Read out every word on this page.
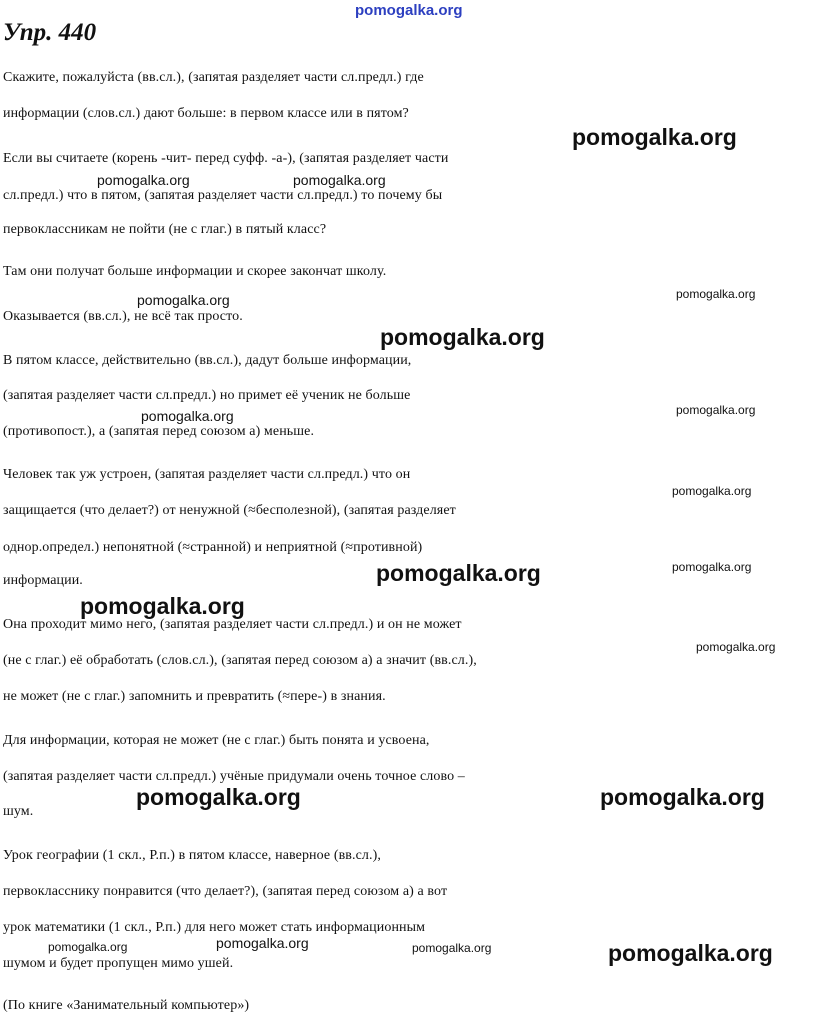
pomogalka.org
Упр. 440

Скажите, пожалуйста (вв.сл.), (запятая разделяет части сл.предл.) где

информации (слов.сл.) дают больше: в первом классе или в пятом?

Если вы считаете (корень -чит- перед суфф. -а-), (запятая разделяет части

сл.предл.) что в пятом, (запятая разделяет части сл.предл.) то почему бы

первоклассникам не пойти (не с глаг.) в пятый класс?

Там они получат больше информации и скорее закончат школу.

Оказывается (вв.сл.), не всё так просто.

В пятом классе, действительно (вв.сл.), дадут больше информации,

(запятая разделяет части сл.предл.) но примет её ученик не больше

(противопост.), а (запятая перед союзом а) меньше.

Человек так уж устроен, (запятая разделяет части сл.предл.) что он

защищается (что делает?) от ненужной (≈бесполезной), (запятая разделяет

однор.определ.) непонятной (≈странной) и неприятной (≈противной)

информации.

Она проходит мимо него, (запятая разделяет части сл.предл.) и он не может

(не с глаг.) её обработать (слов.сл.), (запятая перед союзом а) а значит (вв.сл.),

не может (не с глаг.) запомнить и превратить (≈пере-) в знания.

Для информации, которая не может (не с глаг.) быть понята и усвоена,

(запятая разделяет части сл.предл.) учёные придумали очень точное слово –

шум.

Урок географии (1 скл., Р.п.) в пятом классе, наверное (вв.сл.),

первокласснику понравится (что делает?), (запятая перед союзом а) а вот

урок математики (1 скл., Р.п.) для него может стать информационным

шумом и будет пропущен мимо ушей.

(По книге «Занимательный компьютер»)

pomogalka.org
pomogalka.org	pomogalka.org
pomogalka.org	pomogalka.org
pomogalka.org
pomogalka.org	pomogalka.org
pomogalka.org
pomogalka.org	pomogalka.org
pomogalka.org
pomogalka.org
pomogalka.org	pomogalka.org
pomogalka.org	pomogalka.org	pomogalka.org	pomogalka.org
